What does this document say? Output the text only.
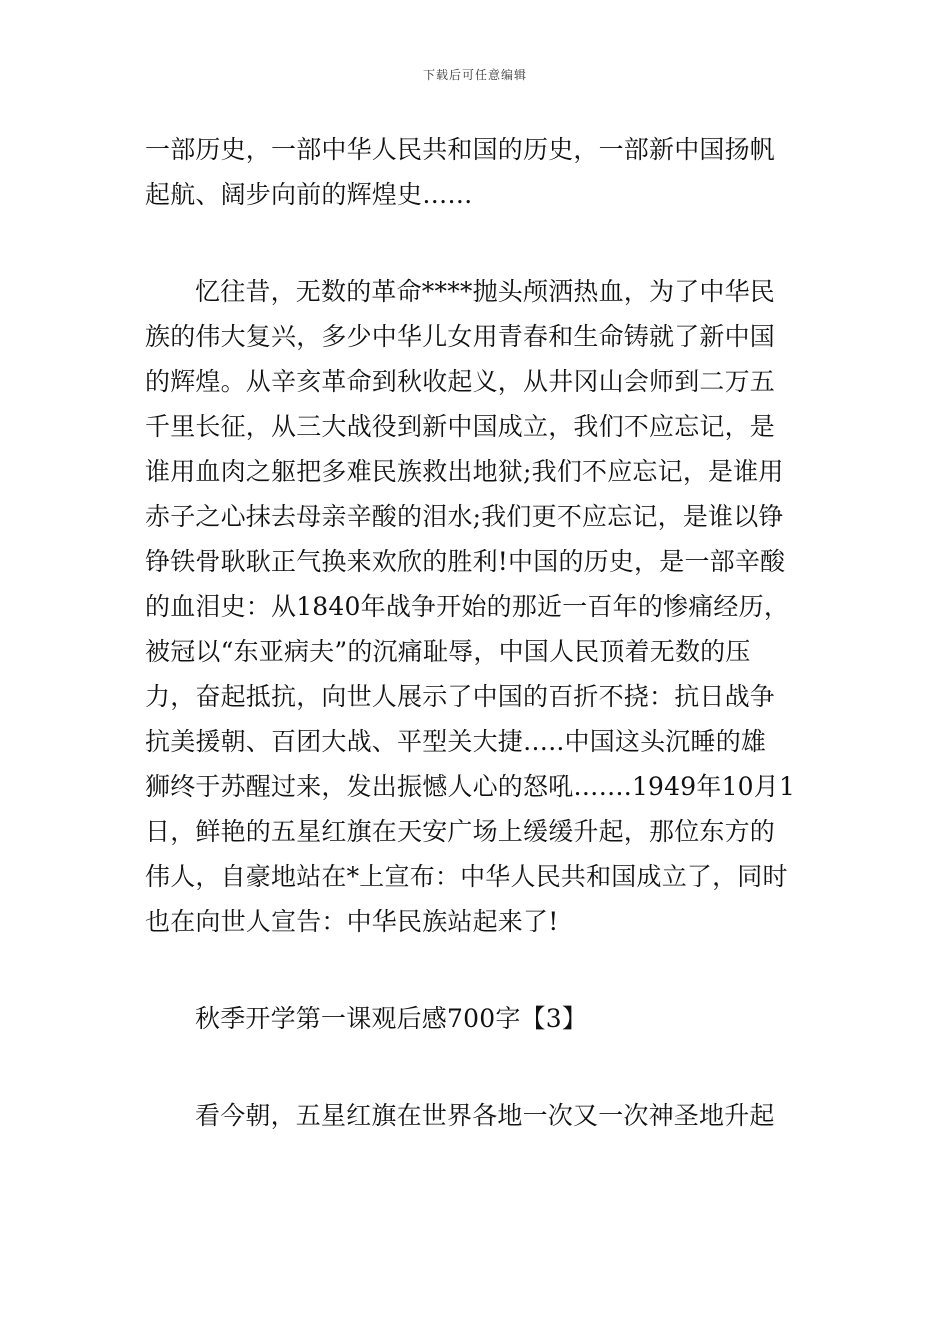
下载后可任意编辑
一部历史，一部中华人民共和国的历史，一部新中国扬帆
起航、阔步向前的辉煌史……
忆往昔，无数的革命****抛头颅洒热血，为了中华民
族的伟大复兴，多少中华儿女用青春和生命铸就了新中国
的辉煌。从辛亥革命到秋收起义，从井冈山会师到二万五
千里长征，从三大战役到新中国成立，我们不应忘记，是
谁用血肉之躯把多难民族救出地狱;我们不应忘记，是谁用
赤子之心抹去母亲辛酸的泪水;我们更不应忘记，是谁以铮
铮铁骨耿耿正气换来欢欣的胜利!中国的历史，是一部辛酸
的血泪史：从1840年战争开始的那近一百年的惨痛经历，
被冠以“东亚病夫”的沉痛耻辱，中国人民顶着无数的压
力，奋起抵抗，向世人展示了中国的百折不挠：抗日战争
抗美援朝、百团大战、平型关大捷…..中国这头沉睡的雄
狮终于苏醒过来，发出振憾人心的怒吼…….1949年10月1
日，鲜艳的五星红旗在天安广场上缓缓升起，那位东方的
伟人，自豪地站在*上宣布：中华人民共和国成立了，同时
也在向世人宣告：中华民族站起来了!
秋季开学第一课观后感700字【3】
看今朝，五星红旗在世界各地一次又一次神圣地升起
